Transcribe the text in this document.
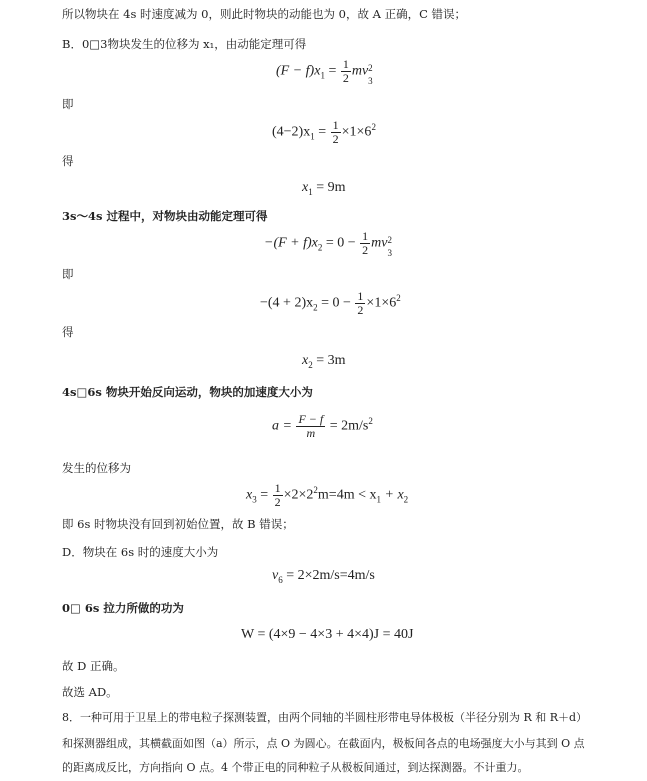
所以物块在 4s 时速度减为 0，则此时物块的动能也为 0，故 A 正确，C 错误；
B．0□3物块发生的位移为 x₁，由动能定理可得
$(F - f)x_1 = \frac{1}{2}$ mv 2
3
即
$(4-2)x_1 = \frac{1}{2} \times 1\times 6^2$
得
$x_1 = 9m$
3s～4s 过程中，对物块由动能定理可得
$-(F + f)x_2 = 0 - \frac{1}{2}$ mv 2
3
即
$-(4 + 2)x_2 = 0 - \frac{1}{2} \times 1\times 6^2$
得
$x_2 = 3m$
4s□6s 物块开始反向运动，物块的加速度大小为
$a = \frac{F - f}{m} = 2m/s^2$
发生的位移为
$x_3 = \frac{1}{2} \times 2\times 2^2m=4m < x_1 + x_2$
即 6s 时物块没有回到初始位置，故 B 错误；
D．物块在 6s 时的速度大小为
$v_6 = 2\times 2m/s=4m/s$
0□ 6s 拉力所做的功为
W = (4×9 − 4×3 + 4×4)J = 40J
故 D 正确。
故选 AD。
8．一种可用于卫星上的带电粒子探测装置，由两个同轴的半圆柱形带电导体极板（半径分别为 R 和 R＋d）
和探测器组成，其横截面如图（a）所示，点 O 为圆心。在截面内，极板间各点的电场强度大小与其到 O 点
的距离成反比，方向指向 O 点。4 个带正电的同种粒子从极板间通过，到达探测器。不计重力。
